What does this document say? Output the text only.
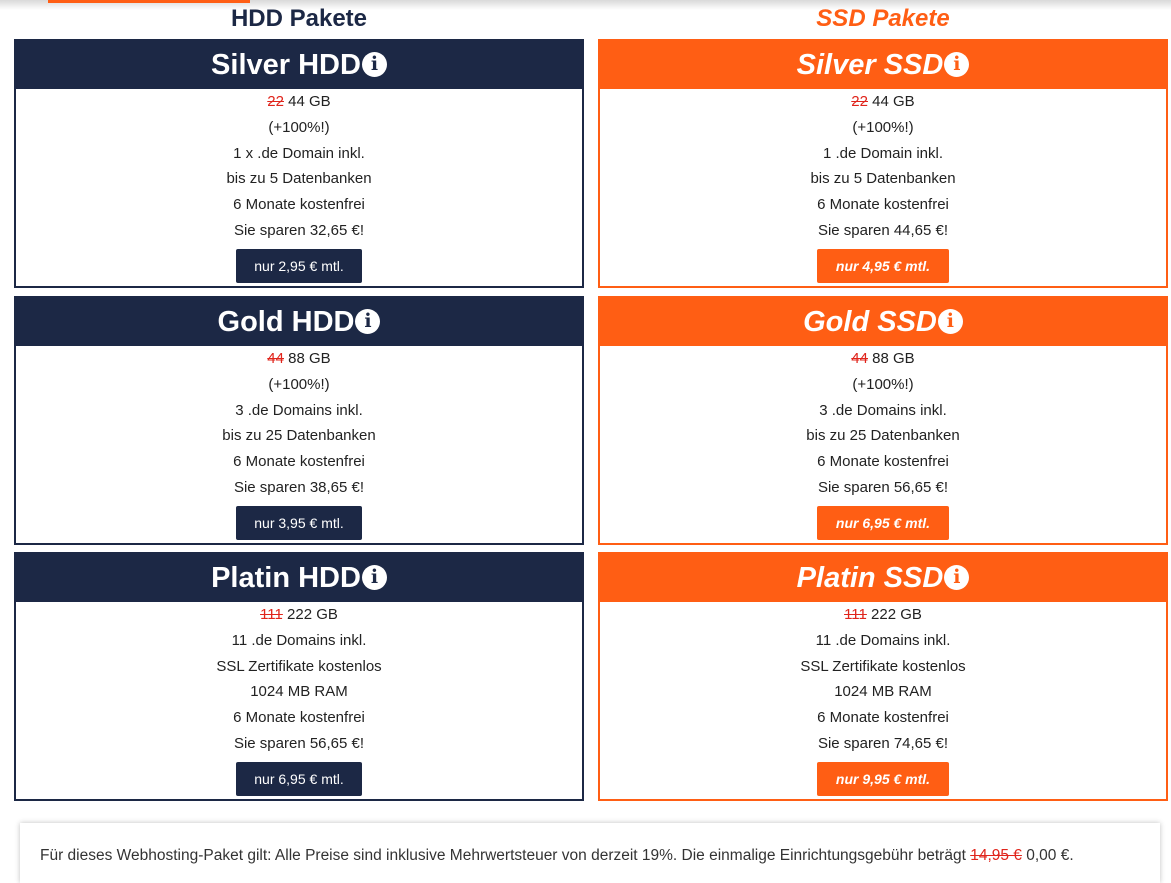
HDD Pakete	SSD Pakete
Silver HDD i
22 44 GB
(+100%!)
1 x .de Domain inkl.
bis zu 5 Datenbanken
6 Monate kostenfrei
Sie sparen 32,65 €!
nur 2,95 € mtl.
Gold HDD i
44 88 GB
(+100%!)
3 .de Domains inkl.
bis zu 25 Datenbanken
6 Monate kostenfrei
Sie sparen 38,65 €!
nur 3,95 € mtl.
Platin HDD i
111 222 GB
11 .de Domains inkl.
SSL Zertifikate kostenlos
1024 MB RAM
6 Monate kostenfrei
Sie sparen 56,65 €!
nur 6,95 € mtl.
Silver SSD i
22 44 GB
(+100%!)
1 .de Domain inkl.
bis zu 5 Datenbanken
6 Monate kostenfrei
Sie sparen 44,65 €!
nur 4,95 € mtl.
Gold SSD i
44 88 GB
(+100%!)
3 .de Domains inkl.
bis zu 25 Datenbanken
6 Monate kostenfrei
Sie sparen 56,65 €!
nur 6,95 € mtl.
Platin SSD i
111 222 GB
11 .de Domains inkl.
SSL Zertifikate kostenlos
1024 MB RAM
6 Monate kostenfrei
Sie sparen 74,65 €!
nur 9,95 € mtl.
Für dieses Webhosting-Paket gilt: Alle Preise sind inklusive Mehrwertsteuer von derzeit 19%. Die einmalige Einrichtungsgebühr beträgt 14,95 € 0,00 €.
